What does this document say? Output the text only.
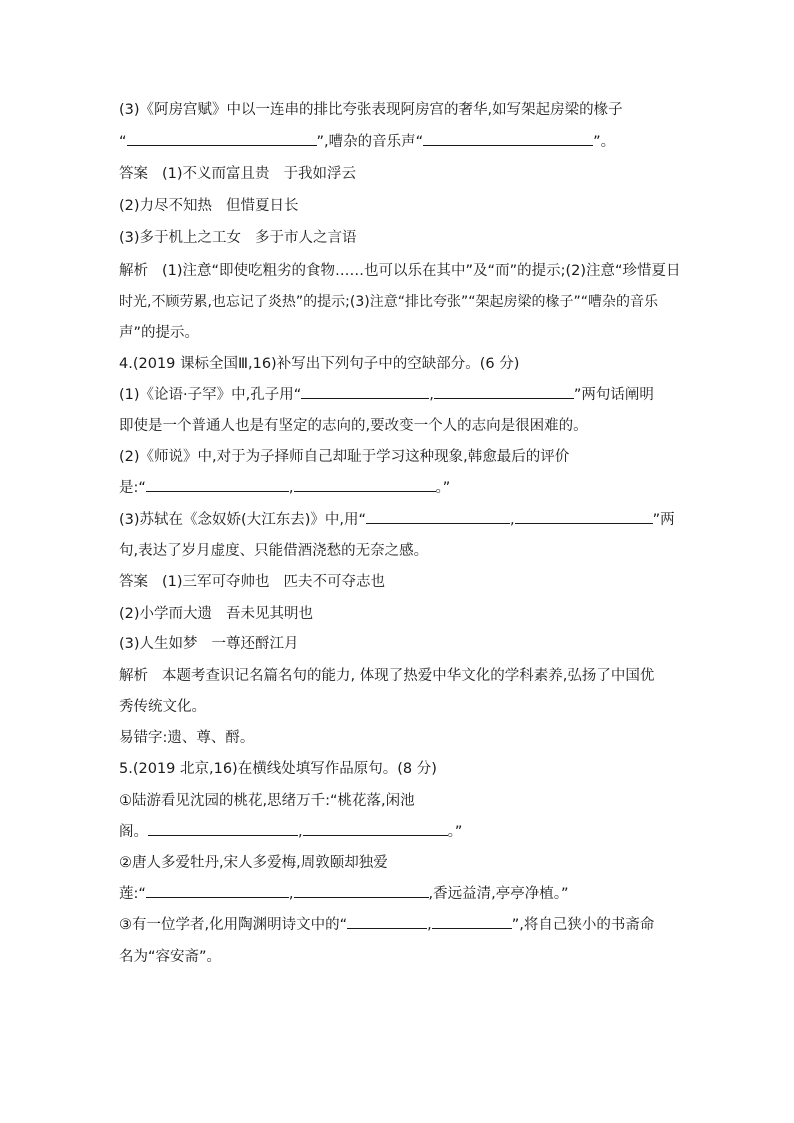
(3)《阿房宫赋》中以一连串的排比夸张表现阿房宫的奢华,如写架起房梁的椽子
“	”,嘈杂的音乐声“	”。
答案 (1)不义而富且贵 于我如浮云
(2)力尽不知热 但惜夏日长
(3)多于机上之工女 多于市人之言语
解析 (1)注意“即使吃粗劣的食物……也可以乐在其中”及“而”的提示;(2)注意“珍惜夏日
时光,不顾劳累,也忘记了炎热”的提示;(3)注意“排比夸张”“架起房梁的椽子”“嘈杂的音乐
声”的提示。
4.(2019 课标全国Ⅲ,16)补写出下列句子中的空缺部分。(6 分)
(1)《论语·子罕》中,孔子用“	,	”两句话阐明
即使是一个普通人也是有坚定的志向的,要改变一个人的志向是很困难的。
(2)《师说》中,对于为子择师自己却耻于学习这种现象,韩愈最后的评价
是:“	,	。”
(3)苏轼在《念奴娇(大江东去)》中,用“	,	”两
句,表达了岁月虚度、只能借酒浇愁的无奈之感。
答案 (1)三军可夺帅也 匹夫不可夺志也
(2)小学而大遗 吾未见其明也
(3)人生如梦 一尊还酹江月
解析 本题考查识记名篇名句的能力, 体现了热爱中华文化的学科素养,弘扬了中国优
秀传统文化。
易错字:遗、尊、酹。
5.(2019 北京,16)在横线处填写作品原句。(8 分)
①陆游看见沈园的桃花,思绪万千:“桃花落,闲池
阁。	,	。”
②唐人多爱牡丹,宋人多爱梅,周敦颐却独爱
莲:“	,	,香远益清,亭亭净植。”
③有一位学者,化用陶渊明诗文中的“	,	”,将自己狭小的书斋命
名为“容安斋”。
